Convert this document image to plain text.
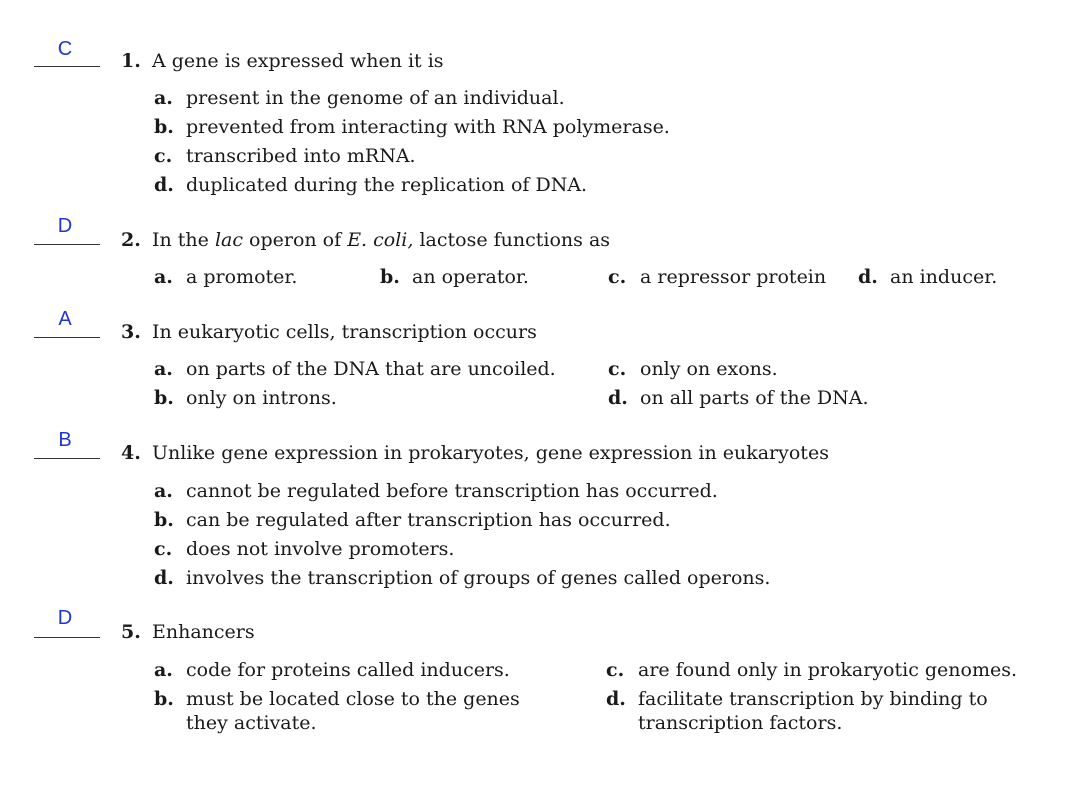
C
1. A gene is expressed when it is
a. present in the genome of an individual.
b. prevented from interacting with RNA polymerase.
c. transcribed into mRNA.
d. duplicated during the replication of DNA.
D
2. In the lac operon of E. coli, lactose functions as
a. a promoter.	b. an operator.	c. a repressor protein d. an inducer.
A
3. In eukaryotic cells, transcription occurs
a. on parts of the DNA that are uncoiled.
b. only on introns.
c. only on exons.
d. on all parts of the DNA.
B
4. Unlike gene expression in prokaryotes, gene expression in eukaryotes
a. cannot be regulated before transcription has occurred.
b. can be regulated after transcription has occurred.
c. does not involve promoters.
d. involves the transcription of groups of genes called operons.
D
5. Enhancers
a. code for proteins called inducers.
b. must be located close to the genes
they activate.
c. are found only in prokaryotic genomes.
d. facilitate transcription by binding to
transcription factors.
